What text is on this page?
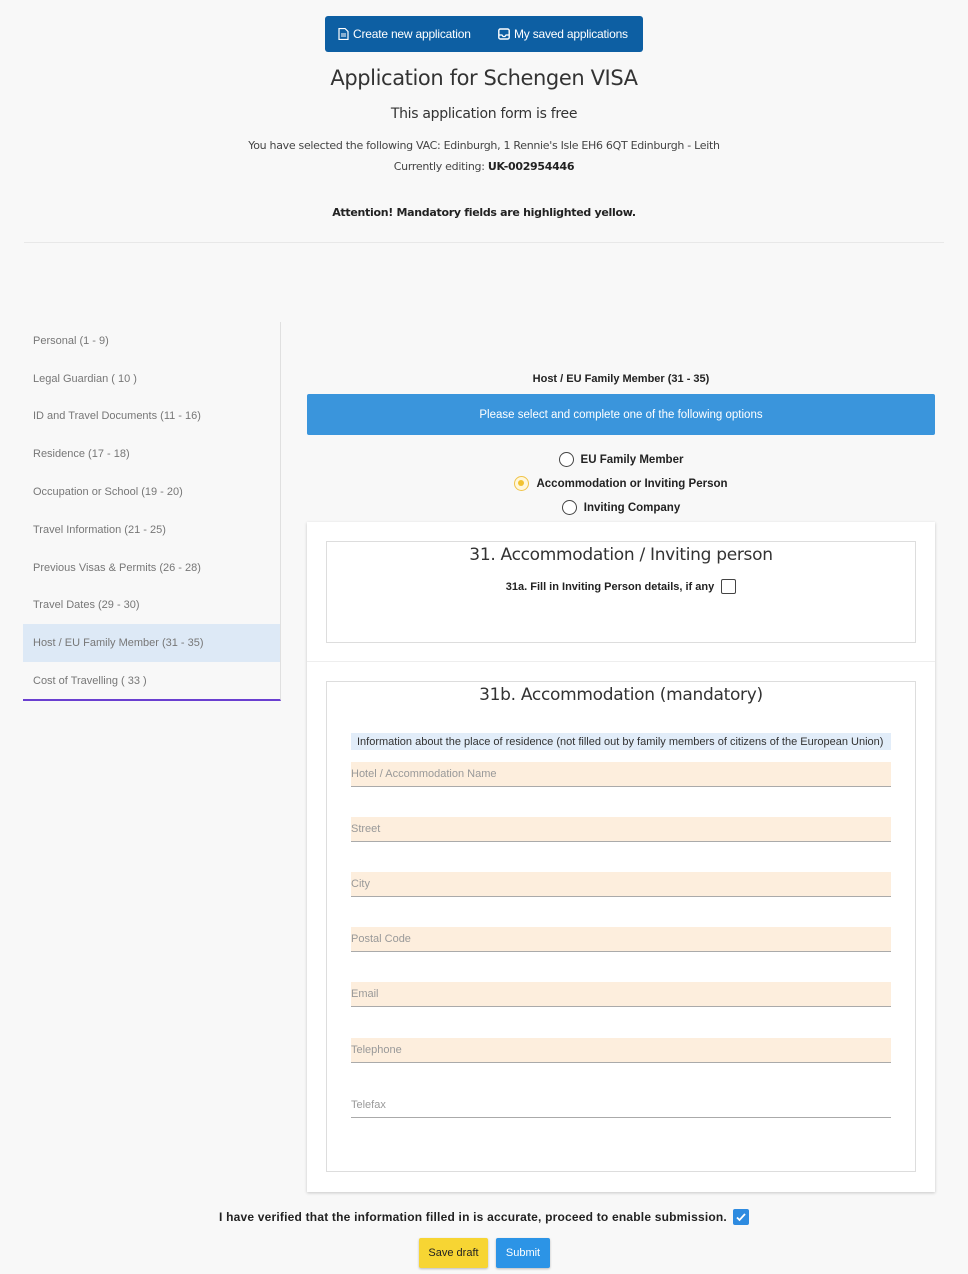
Create new application	My saved applications
Application for Schengen VISA
This application form is free
You have selected the following VAC: Edinburgh, 1 Rennie's Isle EH6 6QT Edinburgh - Leith
Currently editing: UK-002954446
Attention! Mandatory fields are highlighted yellow.
Personal (1 - 9)
Legal Guardian ( 10 )
ID and Travel Documents (11 - 16)
Residence (17 - 18)
Occupation or School (19 - 20)
Travel Information (21 - 25)
Previous Visas & Permits (26 - 28)
Travel Dates (29 - 30)
Host / EU Family Member (31 - 35)
Cost of Travelling ( 33 )
Host / EU Family Member (31 - 35)
Please select and complete one of the following options
EU Family Member
Accommodation or Inviting Person
Inviting Company
31. Accommodation / Inviting person
31a. Fill in Inviting Person details, if any
31b. Accommodation (mandatory)
Information about the place of residence (not filled out by family members of citizens of the European Union)
Hotel / Accommodation Name
Street
City
Postal Code
Email
Telephone
Telefax
I have verified that the information filled in is accurate, proceed to enable submission.
Save draft	Submit
